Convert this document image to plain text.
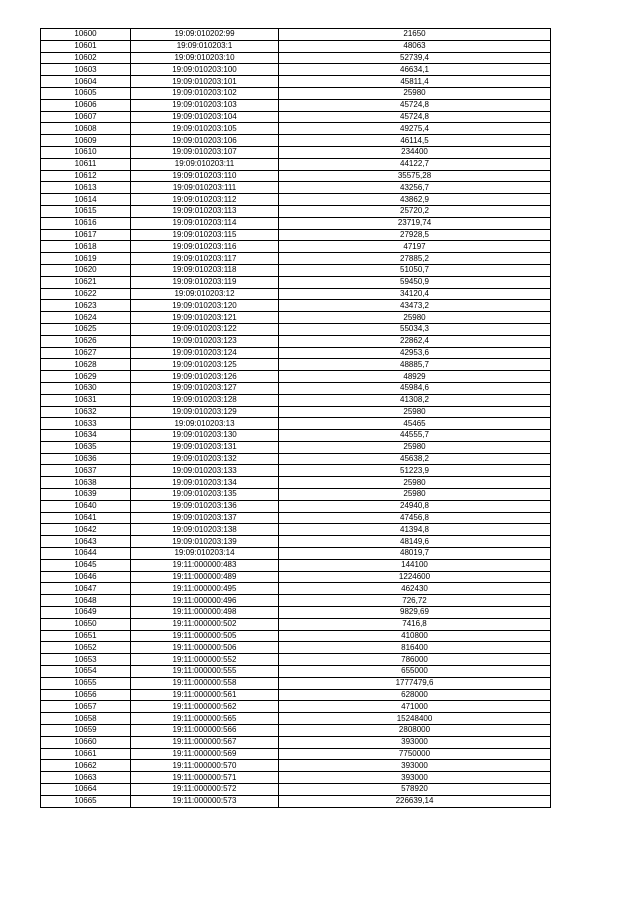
10600	19:09:010202:99	21650
10601	19:09:010203:1	48063
10602	19:09:010203:10	52739,4
10603	19:09:010203:100	46634,1
10604	19:09:010203:101	45811,4
10605	19:09:010203:102	25980
10606	19:09:010203:103	45724,8
10607	19:09:010203:104	45724,8
10608	19:09:010203:105	49275,4
10609	19:09:010203:106	46114,5
10610	19:09:010203:107	234400
10611	19:09:010203:11	44122,7
10612	19:09:010203:110	35575,28
10613	19:09:010203:111	43256,7
10614	19:09:010203:112	43862,9
10615	19:09:010203:113	25720,2
10616	19:09:010203:114	23719,74
10617	19:09:010203:115	27928,5
10618	19:09:010203:116	47197
10619	19:09:010203:117	27885,2
10620	19:09:010203:118	51050,7
10621	19:09:010203:119	59450,9
10622	19:09:010203:12	34120,4
10623	19:09:010203:120	43473,2
10624	19:09:010203:121	25980
10625	19:09:010203:122	55034,3
10626	19:09:010203:123	22862,4
10627	19:09:010203:124	42953,6
10628	19:09:010203:125	48885,7
10629	19:09:010203:126	48929
10630	19:09:010203:127	45984,6
10631	19:09:010203:128	41308,2
10632	19:09:010203:129	25980
10633	19:09:010203:13	45465
10634	19:09:010203:130	44555,7
10635	19:09:010203:131	25980
10636	19:09:010203:132	45638,2
10637	19:09:010203:133	51223,9
10638	19:09:010203:134	25980
10639	19:09:010203:135	25980
10640	19:09:010203:136	24940,8
10641	19:09:010203:137	47456,8
10642	19:09:010203:138	41394,8
10643	19:09:010203:139	48149,6
10644	19:09:010203:14	48019,7
10645	19:11:000000:483	144100
10646	19:11:000000:489	1224600
10647	19:11:000000:495	462430
10648	19:11:000000:496	726,72
10649	19:11:000000:498	9829,69
10650	19:11:000000:502	7416,8
10651	19:11:000000:505	410800
10652	19:11:000000:506	816400
10653	19:11:000000:552	786000
10654	19:11:000000:555	655000
10655	19:11:000000:558	1777479,6
10656	19:11:000000:561	628000
10657	19:11:000000:562	471000
10658	19:11:000000:565	15248400
10659	19:11:000000:566	2808000
10660	19:11:000000:567	393000
10661	19:11:000000:569	7750000
10662	19:11:000000:570	393000
10663	19:11:000000:571	393000
10664	19:11:000000:572	578920
10665	19:11:000000:573	226639,14
